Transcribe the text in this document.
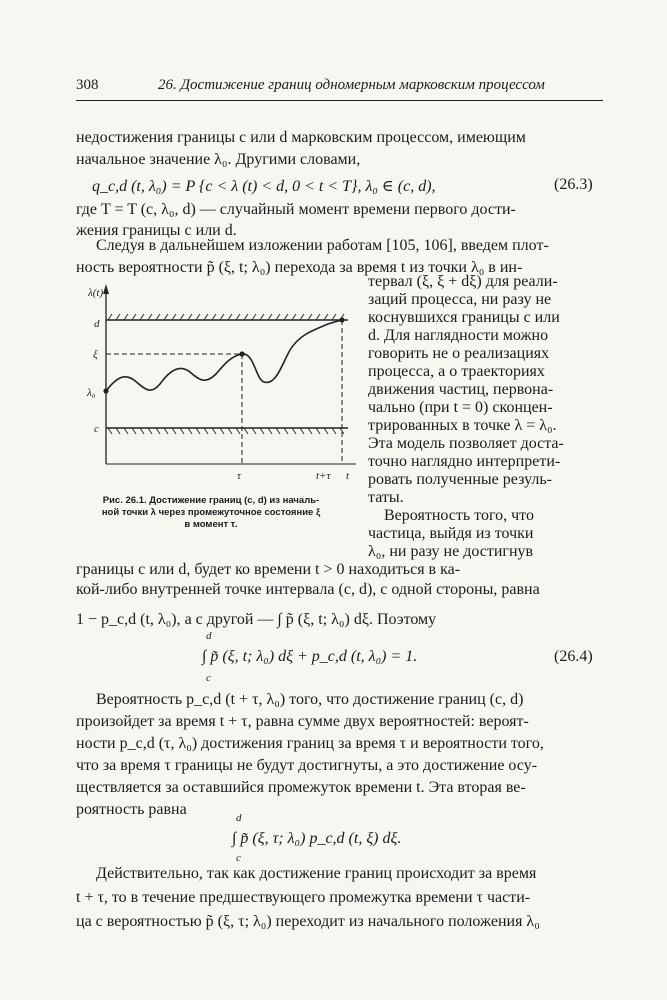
308	26. Достижение границ одномерным марковским процессом
недостижения границы c или d марковским процессом, имеющим
начальное значение λ₀. Другими словами,
q_c,d (t, λ₀) = P {c < λ (t) < d, 0 < t < T}, λ₀ ∈ (c, d),	(26.3)
где T = T (c, λ₀, d) — случайный момент времени первого дости-
жения границы c или d.
Следуя в дальнейшем изложении работам [105, 106], введем плот-
ность вероятности p̃ (ξ, t; λ₀) перехода за время t из точки λ₀ в ин-
тервал (ξ, ξ + dξ) для реали-
заций процесса, ни разу не
коснувшихся границы c или
d. Для наглядности можно
говорить не о реализациях
процесса, а о траекториях
движения частиц, первона-
чально (при t = 0) сконцен-
трированных в точке λ = λ₀.
Эта модель позволяет доста-
точно наглядно интерпрети-
ровать полученные резуль-
таты.
Вероятность того, что
частица, выйдя из точки
λ₀, ни разу не достигнув
λ(t)
d
c
ξ
λ₀
τ	t+τ t
Рис. 26.1. Достижение границ (c, d) из началь-
ной точки λ через промежуточное состояние ξ
в момент τ.
границы c или d, будет ко времени t > 0 находиться в ка-
кой-либо внутренней точке интервала (c, d), с одной стороны, равна
1 − p_c,d (t, λ₀), а с другой — ∫ p̃ (ξ, t; λ₀) dξ. Поэтому
d
∫ p̃ (ξ, t; λ₀) dξ + p_c,d (t, λ₀) = 1.
c
(26.4)
Вероятность p_c,d (t + τ, λ₀) того, что достижение границ (c, d)
произойдет за время t + τ, равна сумме двух вероятностей: вероят-
ности p_c,d (τ, λ₀) достижения границ за время τ и вероятности того,
что за время τ границы не будут достигнуты, а это достижение осу-
ществляется за оставшийся промежуток времени t. Эта вторая ве-
роятность равна	d
∫ p̃ (ξ, τ; λ₀) p_c,d (t, ξ) dξ.
c
Действительно, так как достижение границ происходит за время
t + τ, то в течение предшествующего промежутка времени τ части-
ца с вероятностью p̃ (ξ, τ; λ₀) переходит из начального положения λ₀
